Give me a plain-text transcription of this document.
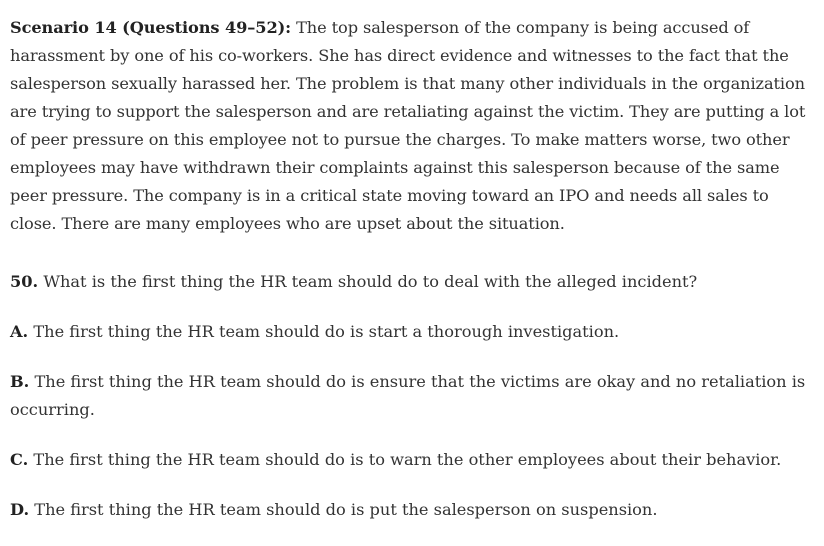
Scenario 14 (Questions 49–52): The top salesperson of the company is being accused of harassment by one of his co-workers. She has direct evidence and witnesses to the fact that the salesperson sexually harassed her. The problem is that many other individuals in the organization are trying to support the salesperson and are retaliating against the victim. They are putting a lot of peer pressure on this employee not to pursue the charges. To make matters worse, two other employees may have withdrawn their complaints against this salesperson because of the same peer pressure. The company is in a critical state moving toward an IPO and needs all sales to close. There are many employees who are upset about the situation.

50. What is the first thing the HR team should do to deal with the alleged incident?

A. The first thing the HR team should do is start a thorough investigation.

B. The first thing the HR team should do is ensure that the victims are okay and no retaliation is occurring.

C. The first thing the HR team should do is to warn the other employees about their behavior.

D. The first thing the HR team should do is put the salesperson on suspension.
